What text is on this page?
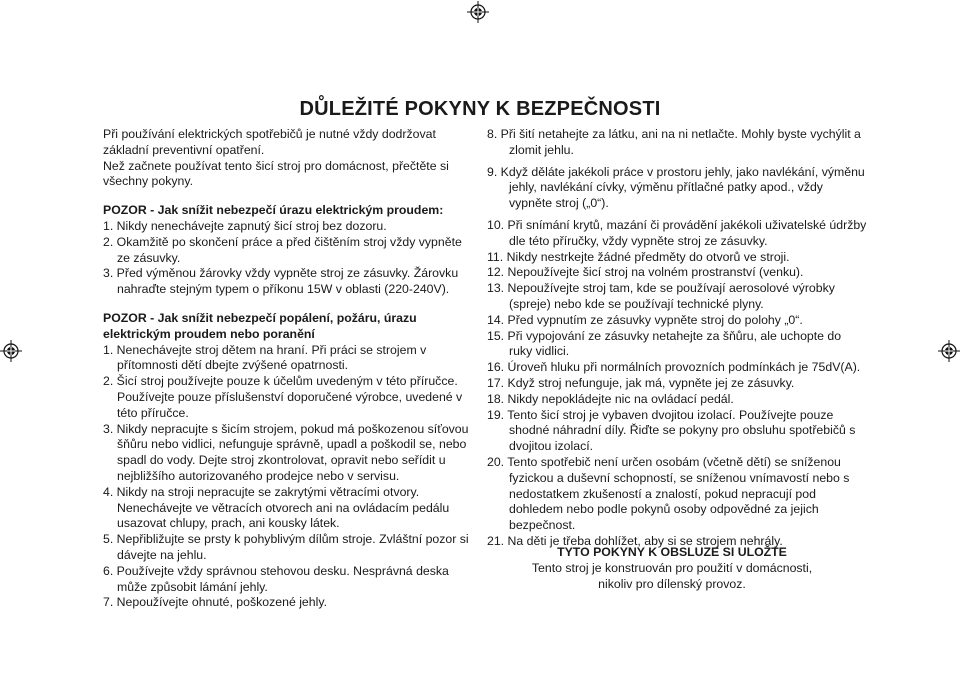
DŮLEŽITÉ POKYNY K BEZPEČNOSTI

Při používání elektrických spotřebičů je nutné vždy dodržovat základní preventivní opatření.

Než začnete používat tento šicí stroj pro domácnost, přečtěte si všechny pokyny.

POZOR - Jak snížit nebezpečí úrazu elektrickým proudem:

1. Nikdy nenechávejte zapnutý šicí stroj bez dozoru.

2. Okamžitě po skončení práce a před čištěním stroj vždy vypněte ze zásuvky.

3. Před výměnou žárovky vždy vypněte stroj ze zásuvky. Žárovku nahraďte stejným typem o příkonu 15W v oblasti (220-240V).

POZOR - Jak snížit nebezpečí popálení, požáru, úrazu elektrickým proudem nebo poranění

1. Nenechávejte stroj dětem na hraní. Při práci se strojem v přítomnosti dětí dbejte zvýšené opatrnosti.

2. Šicí stroj používejte pouze k účelům uvedeným v této příručce. Používejte pouze příslušenství doporučené výrobce, uvedené v této příručce.

3. Nikdy nepracujte s šicím strojem, pokud má poškozenou síťovou šňůru nebo vidlici, nefunguje správně, upadl a poškodil se, nebo spadl do vody. Dejte stroj zkontrolovat, opravit nebo seřídit u nejbližšího autorizovaného prodejce nebo v servisu.

4. Nikdy na stroji nepracujte se zakrytými větracími otvory. Nenechávejte ve větracích otvorech ani na ovládacím pedálu usazovat chlupy, prach, ani kousky látek.

5. Nepřibližujte se prsty k pohyblivým dílům stroje. Zvláštní pozor si dávejte na jehlu.

6. Používejte vždy správnou stehovou desku. Nesprávná deska může způsobit lámání jehly.

7. Nepoužívejte ohnuté, poškozené jehly.

8. Při šití netahejte za látku, ani na ni netlačte. Mohly byste vychýlit a zlomit jehlu.

9. Když děláte jakékoli práce v prostoru jehly, jako navlékání, výměnu jehly, navlékání cívky, výměnu přítlačné patky apod., vždy vypněte stroj („0“).

10. Při snímání krytů, mazání či provádění jakékoli uživatelské údržby dle této příručky, vždy vypněte stroj ze zásuvky.

11. Nikdy nestrkejte žádné předměty do otvorů ve stroji.

12. Nepoužívejte šicí stroj na volném prostranství (venku).

13. Nepoužívejte stroj tam, kde se používají aerosolové výrobky (spreje) nebo kde se používají technické plyny.

14. Před vypnutím ze zásuvky vypněte stroj do polohy „0“.

15. Při vypojování ze zásuvky netahejte za šňůru, ale uchopte do ruky vidlici.

16. Úroveň hluku při normálních provozních podmínkách je 75dV(A).

17. Když stroj nefunguje, jak má, vypněte jej ze zásuvky.

18. Nikdy nepokládejte nic na ovládací pedál.

19. Tento šicí stroj je vybaven dvojitou izolací. Používejte pouze shodné náhradní díly. Řiďte se pokyny pro obsluhu spotřebičů s dvojitou izolací.

20. Tento spotřebič není určen osobám (včetně dětí) se sníženou fyzickou a duševní schopností, se sníženou vnímavostí nebo s nedostatkem zkušeností a znalostí, pokud nepracují pod dohledem nebo podle pokynů osoby odpovědné za jejich bezpečnost.

21. Na děti je třeba dohlížet, aby si se strojem nehrály.

TYTO POKYNY K OBSLUZE SI ULOŽTE
Tento stroj je konstruován pro použití v domácnosti,
nikoliv pro dílenský provoz.
